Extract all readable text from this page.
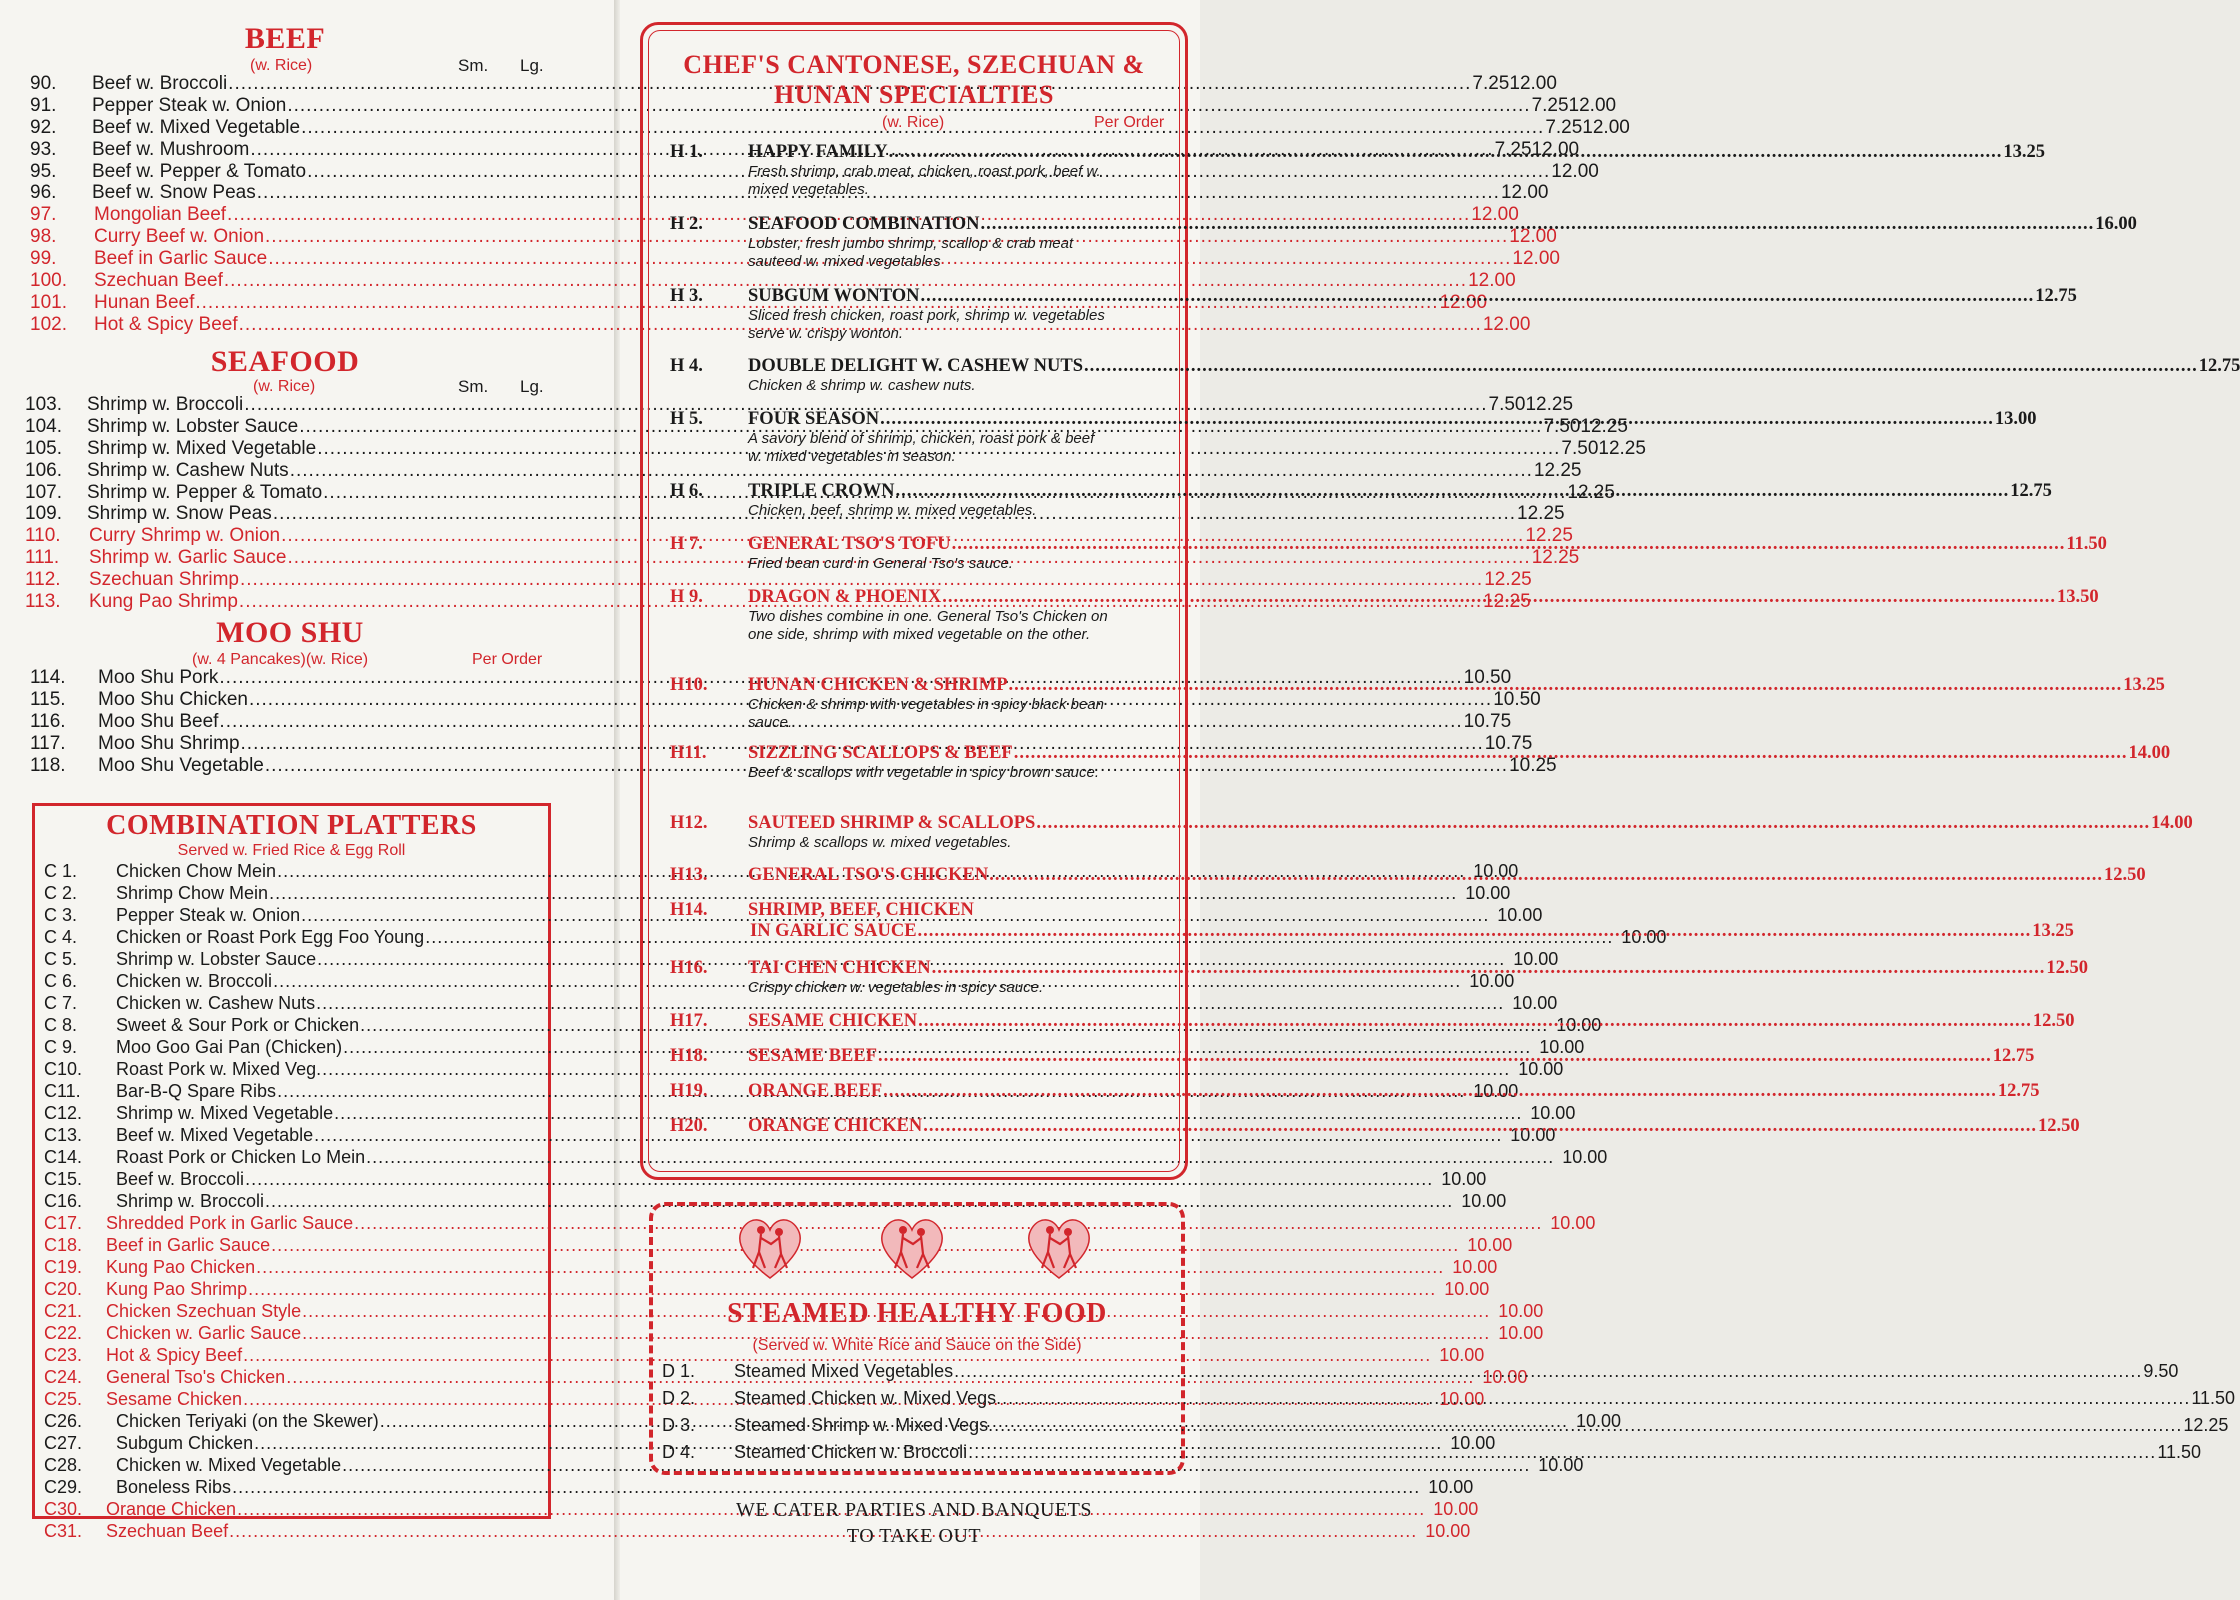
BEEF
(w. Rice)	Sm. Lg.
90.	Beef w. Broccoli .....	7.25 12.00
91.	Pepper Steak w. Onion .....	7.25 12.00
92.	Beef w. Mixed Vegetable .....	7.25 12.00
93.	Beef w. Mushroom .....	7.25 12.00
95.	Beef w. Pepper & Tomato .....	12.00
96.	Beef w. Snow Peas .....	12.00
97.	Mongolian Beef .....	12.00
98.	Curry Beef w. Onion .....	12.00
99.	Beef in Garlic Sauce .....	12.00
100.	Szechuan Beef .....	12.00
101.	Hunan Beef .....	12.00
102.	Hot & Spicy Beef .....	12.00
SEAFOOD
(w. Rice)	Sm. Lg.
103.	Shrimp w. Broccoli .....	7.50 12.25
104.	Shrimp w. Lobster Sauce .....	7.50 12.25
105.	Shrimp w. Mixed Vegetable .....	7.50 12.25
106.	Shrimp w. Cashew Nuts .....	12.25
107.	Shrimp w. Pepper & Tomato .....	12.25
109.	Shrimp w. Snow Peas .....	12.25
110.	Curry Shrimp w. Onion .....	12.25
111.	Shrimp w. Garlic Sauce .....	12.25
112.	Szechuan Shrimp .....	12.25
113.	Kung Pao Shrimp .....	12.25
MOO SHU
(w. 4 Pancakes)(w. Rice)	Per Order
114.	Moo Shu Pork .....	10.50
115.	Moo Shu Chicken .....	10.50
116.	Moo Shu Beef .....	10.75
117.	Moo Shu Shrimp .....	10.75
118.	Moo Shu Vegetable .....	10.25
COMBINATION PLATTERS
Served w. Fried Rice & Egg Roll
C 1.	Chicken Chow Mein .....	10.00
C 2.	Shrimp Chow Mein .....	10.00
C 3.	Pepper Steak w. Onion .....	10.00
C 4.	Chicken or Roast Pork Egg Foo Young .....	10.00
C 5.	Shrimp w. Lobster Sauce .....	10.00
C 6.	Chicken w. Broccoli .....	10.00
C 7.	Chicken w. Cashew Nuts .....	10.00
C 8.	Sweet & Sour Pork or Chicken .....	10.00
C 9.	Moo Goo Gai Pan (Chicken) .....	10.00
C10.	Roast Pork w. Mixed Veg. .....	10.00
C11.	Bar-B-Q Spare Ribs .....	10.00
C12.	Shrimp w. Mixed Vegetable .....	10.00
C13.	Beef w. Mixed Vegetable .....	10.00
C14.	Roast Pork or Chicken Lo Mein .....	10.00
C15.	Beef w. Broccoli .....	10.00
C16.	Shrimp w. Broccoli .....	10.00
C17.	Shredded Pork in Garlic Sauce .....	10.00
C18.	Beef in Garlic Sauce .....	10.00
C19.	Kung Pao Chicken .....	10.00
C20.	Kung Pao Shrimp .....	10.00
C21.	Chicken Szechuan Style .....	10.00
C22.	Chicken w. Garlic Sauce .....	10.00
C23.	Hot & Spicy Beef .....	10.00
C24.	General Tso's Chicken .....	10.00
C25.	Sesame Chicken .....	10.00
C26.	Chicken Teriyaki (on the Skewer) .....	10.00
C27.	Subgum Chicken .....	10.00
C28.	Chicken w. Mixed Vegetable .....	10.00
C29.	Boneless Ribs .....	10.00
C30.	Orange Chicken .....	10.00
C31.	Szechuan Beef .....	10.00
CHEF'S CANTONESE, SZECHUAN &
HUNAN SPECIALTIES
(w. Rice)	Per Order
H 1.	HAPPY FAMILY .....	13.25
Fresh shrimp, crab meat, chicken, roast pork, beef w. mixed vegetables.
H 2.	SEAFOOD COMBINATION .....	16.00
Lobster, fresh jumbo shrimp, scallop & crab meat sauteed w. mixed vegetables
H 3.	SUBGUM WONTON .....	12.75
Sliced fresh chicken, roast pork, shrimp w. vegetables serve w. crispy wonton.
H 4.	DOUBLE DELIGHT W. CASHEW NUTS .....	12.75
Chicken & shrimp w. cashew nuts.
H 5.	FOUR SEASON .....	13.00
A savory blend of shrimp, chicken, roast pork & beef w. mixed vegetables in season.
H 6.	TRIPLE CROWN .....	12.75
Chicken, beef, shrimp w. mixed vegetables.
H 7.	GENERAL TSO'S TOFU .....	11.50
Fried bean curd in General Tso's sauce.
H 9.	DRAGON & PHOENIX .....	13.50
Two dishes combine in one. General Tso's Chicken on one side, shrimp with mixed vegetable on the other.
H10.	HUNAN CHICKEN & SHRIMP .....	13.25
Chicken & shrimp with vegetables in spicy black bean sauce.
H11.	SIZZLING SCALLOPS & BEEF .....	14.00
Beef & scallops with vegetable in spicy brown sauce.
H12.	SAUTEED SHRIMP & SCALLOPS .....	14.00
Shrimp & scallops w. mixed vegetables.
H13.	GENERAL TSO'S CHICKEN .....	12.50
H14.	SHRIMP, BEEF, CHICKEN
IN GARLIC SAUCE .....	13.25
H16.	TAI CHEN CHICKEN .....	12.50
Crispy chicken w. vegetables in spicy sauce.
H17.	SESAME CHICKEN .....	12.50
H18.	SESAME BEEF .....	12.75
H19.	ORANGE BEEF .....	12.75
H20.	ORANGE CHICKEN .....	12.50
STEAMED HEALTHY FOOD
(Served w. White Rice and Sauce on the Side)
D 1.	Steamed Mixed Vegetables .....	9.50
D 2.	Steamed Chicken w. Mixed Vegs. .....	11.50
D 3.	Steamed Shrimp w. Mixed Vegs. .....	12.25
D 4.	Steamed Chicken w. Broccoli .....	11.50
WE CATER PARTIES AND BANQUETS
TO TAKE OUT
